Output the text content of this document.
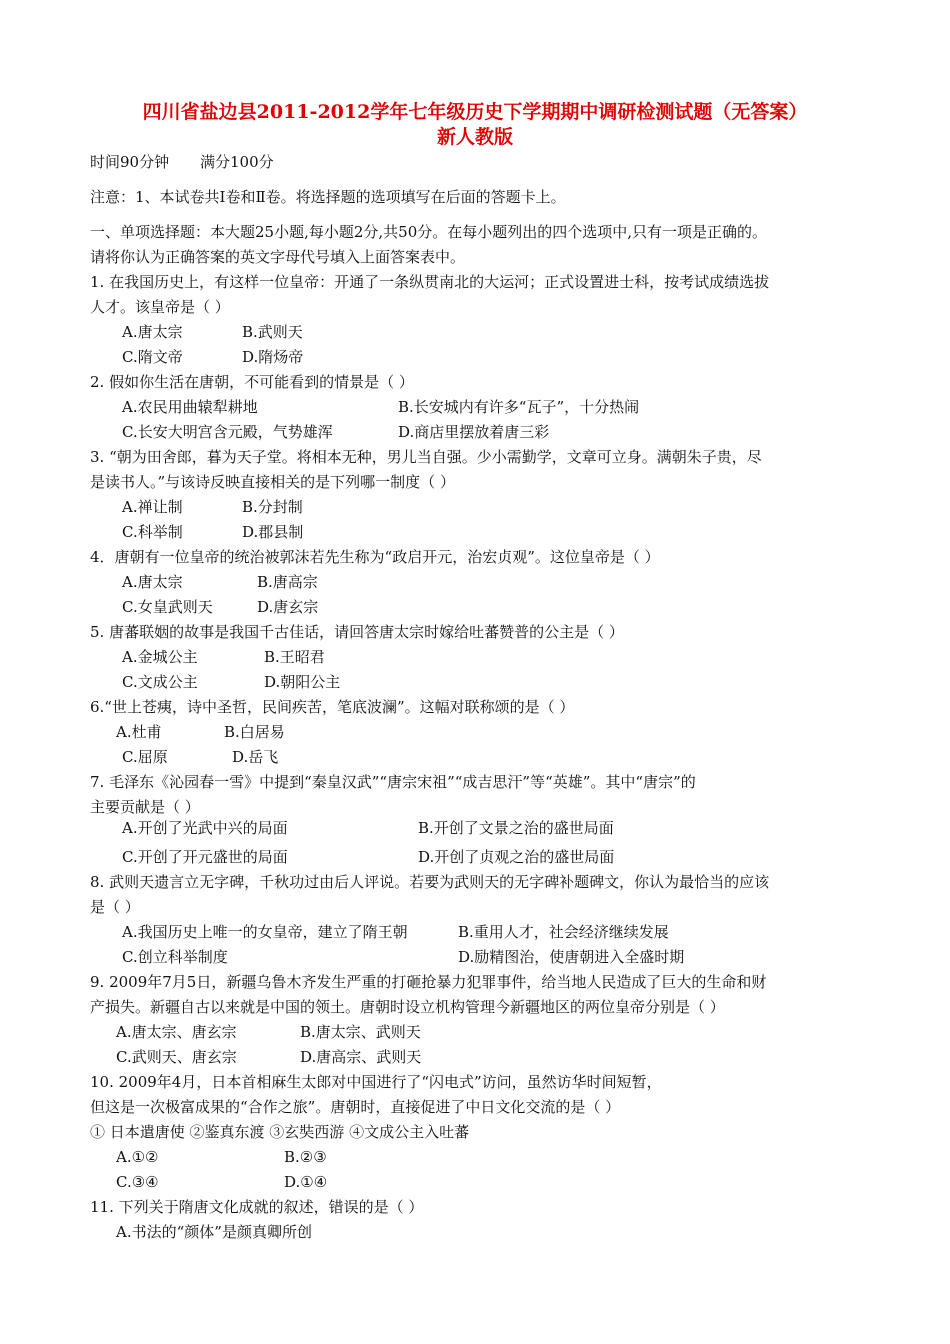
四川省盐边县2011-2012学年七年级历史下学期期中调研检测试题（无答案）
新人教版
时间90分钟 满分100分
注意：1、本试卷共Ⅰ卷和Ⅱ卷。将选择题的选项填写在后面的答题卡上。
一、单项选择题：本大题25小题,每小题2分,共50分。在每小题列出的四个选项中,只有一项是正确的。
请将你认为正确答案的英文字母代号填入上面答案表中。
1. 在我国历史上，有这样一位皇帝：开通了一条纵贯南北的大运河；正式设置进士科，按考试成绩选拔
人才。该皇帝是（ ）
A.唐太宗	B.武则天
C.隋文帝	D.隋炀帝
2. 假如你生活在唐朝，不可能看到的情景是（ ）
A.农民用曲辕犁耕地	B.长安城内有许多“瓦子”，十分热闹
C.长安大明宫含元殿，气势雄浑	D.商店里摆放着唐三彩
3. “朝为田舍郎，暮为天子堂。将相本无种，男儿当自强。少小需勤学，文章可立身。满朝朱子贵，尽
是读书人。”与该诗反映直接相关的是下列哪一制度（ ）
A.禅让制	B.分封制
C.科举制	D.郡县制
4．唐朝有一位皇帝的统治被郭沫若先生称为“政启开元，治宏贞观”。这位皇帝是（ ）
A.唐太宗	B.唐高宗
C.女皇武则天	D.唐玄宗
5. 唐蕃联姻的故事是我国千古佳话，请回答唐太宗时嫁给吐蕃赞普的公主是（ ）
A.金城公主	B.王昭君
C.文成公主	D.朝阳公主
6.“世上苍痍，诗中圣哲，民间疾苦，笔底波澜”。这幅对联称颂的是（ ）
A.杜甫	B.白居易
C.屈原	D.岳飞
7. 毛泽东《沁园春一雪》中提到“秦皇汉武”“唐宗宋祖”“成吉思汗”等“英雄”。其中“唐宗”的
主要贡献是（ ）
A.开创了光武中兴的局面	B.开创了文景之治的盛世局面
C.开创了开元盛世的局面	D.开创了贞观之治的盛世局面
8. 武则天遗言立无字碑，千秋功过由后人评说。若要为武则天的无字碑补题碑文，你认为最恰当的应该
是（ ）
A.我国历史上唯一的女皇帝，建立了隋王朝	B.重用人才，社会经济继续发展
C.创立科举制度	D.励精图治，使唐朝进入全盛时期
9. 2009年7月5日，新疆乌鲁木齐发生严重的打砸抢暴力犯罪事件，给当地人民造成了巨大的生命和财
产损失。新疆自古以来就是中国的领土。唐朝时设立机构管理今新疆地区的两位皇帝分别是（ ）
A.唐太宗、唐玄宗	B.唐太宗、武则天
C.武则天、唐玄宗	D.唐高宗、武则天
10. 2009年4月，日本首相麻生太郎对中国进行了“闪电式”访问，虽然访华时间短暂，
但这是一次极富成果的“合作之旅”。唐朝时，直接促进了中日文化交流的是（ ）
① 日本遣唐使 ②鉴真东渡 ③玄奘西游 ④文成公主入吐蕃
A.①②	B.②③
C.③④	D.①④
11. 下列关于隋唐文化成就的叙述，错误的是（ ）
A.书法的“颜体”是颜真卿所创
